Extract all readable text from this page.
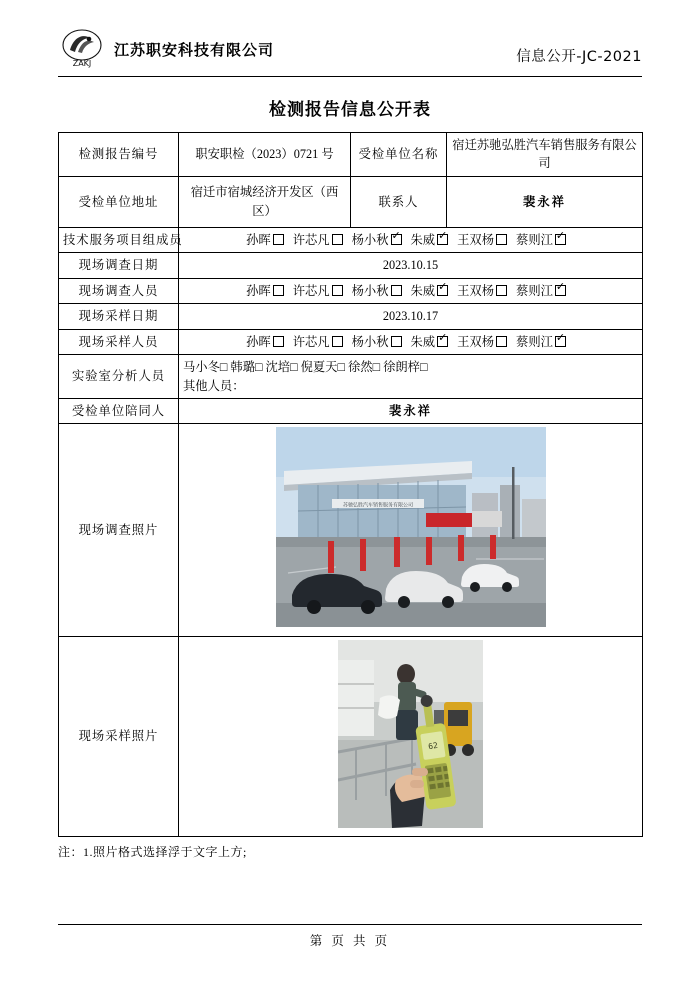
ZAKJ
江苏职安科技有限公司	信息公开-JC-2021
检测报告信息公开表
检测报告编号	职安职检（2023）0721 号	受检单位名称	宿迁苏驰弘胜汽车销售服务有限公司
受检单位地址	宿迁市宿城经济开发区（西区）	联系人	裴永祥
技术服务项目组成员	孙晖 许芯凡 杨小秋 ✓ 朱威 ✓ 王双杨 蔡则江✓
现场调查日期	2023.10.15		
现场调查人员	孙晖 许芯凡 杨小秋 朱威 ✓ 王双杨 蔡则江✓
现场采样日期	2023.10.17		
现场采样人员	孙晖 许芯凡 杨小秋 朱威 ✓ 王双杨 蔡则江✓
实验室分析人员	马小冬□ 韩璐□ 沈培□ 倪夏天□ 徐然□ 徐朗梓□
其他人员：		

受检单位陪同人	裴永祥		
现场调查照片	苏驰弘胜汽车销售服务有限公司		

现场采样照片	62		
注：1.照片格式选择浮于文字上方;
第 页 共 页
